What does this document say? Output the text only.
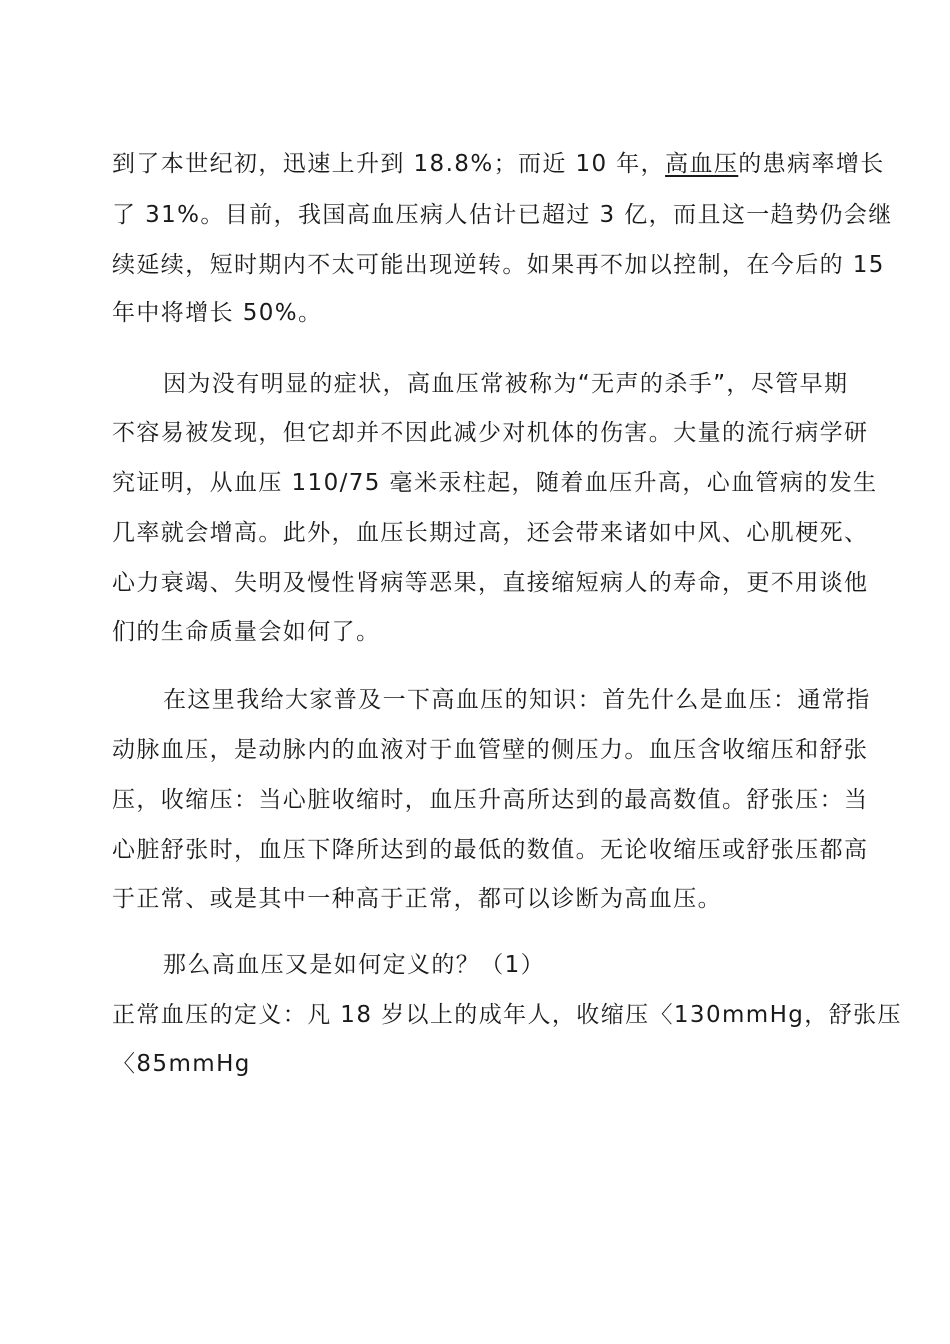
到了本世纪初，迅速上升到 18.8%；而近 10 年，高血压的患病率增长
了 31%。目前，我国高血压病人估计已超过 3 亿，而且这一趋势仍会继
续延续，短时期内不太可能出现逆转。如果再不加以控制，在今后的 15
年中将增长 50%。
因为没有明显的症状，高血压常被称为“无声的杀手”，尽管早期
不容易被发现，但它却并不因此减少对机体的伤害。大量的流行病学研
究证明，从血压 110/75 毫米汞柱起，随着血压升高，心血管病的发生
几率就会增高。此外，血压长期过高，还会带来诸如中风、心肌梗死、
心力衰竭、失明及慢性肾病等恶果，直接缩短病人的寿命，更不用谈他
们的生命质量会如何了。
在这里我给大家普及一下高血压的知识：首先什么是血压：通常指
动脉血压，是动脉内的血液对于血管壁的侧压力。血压含收缩压和舒张
压，收缩压：当心脏收缩时，血压升高所达到的最高数值。舒张压：当
心脏舒张时，血压下降所达到的最低的数值。无论收缩压或舒张压都高
于正常、或是其中一种高于正常，都可以诊断为高血压。
那么高血压又是如何定义的？（1）
正常血压的定义：凡 18 岁以上的成年人，收缩压〈130mmHg，舒张压
〈85mmHg
